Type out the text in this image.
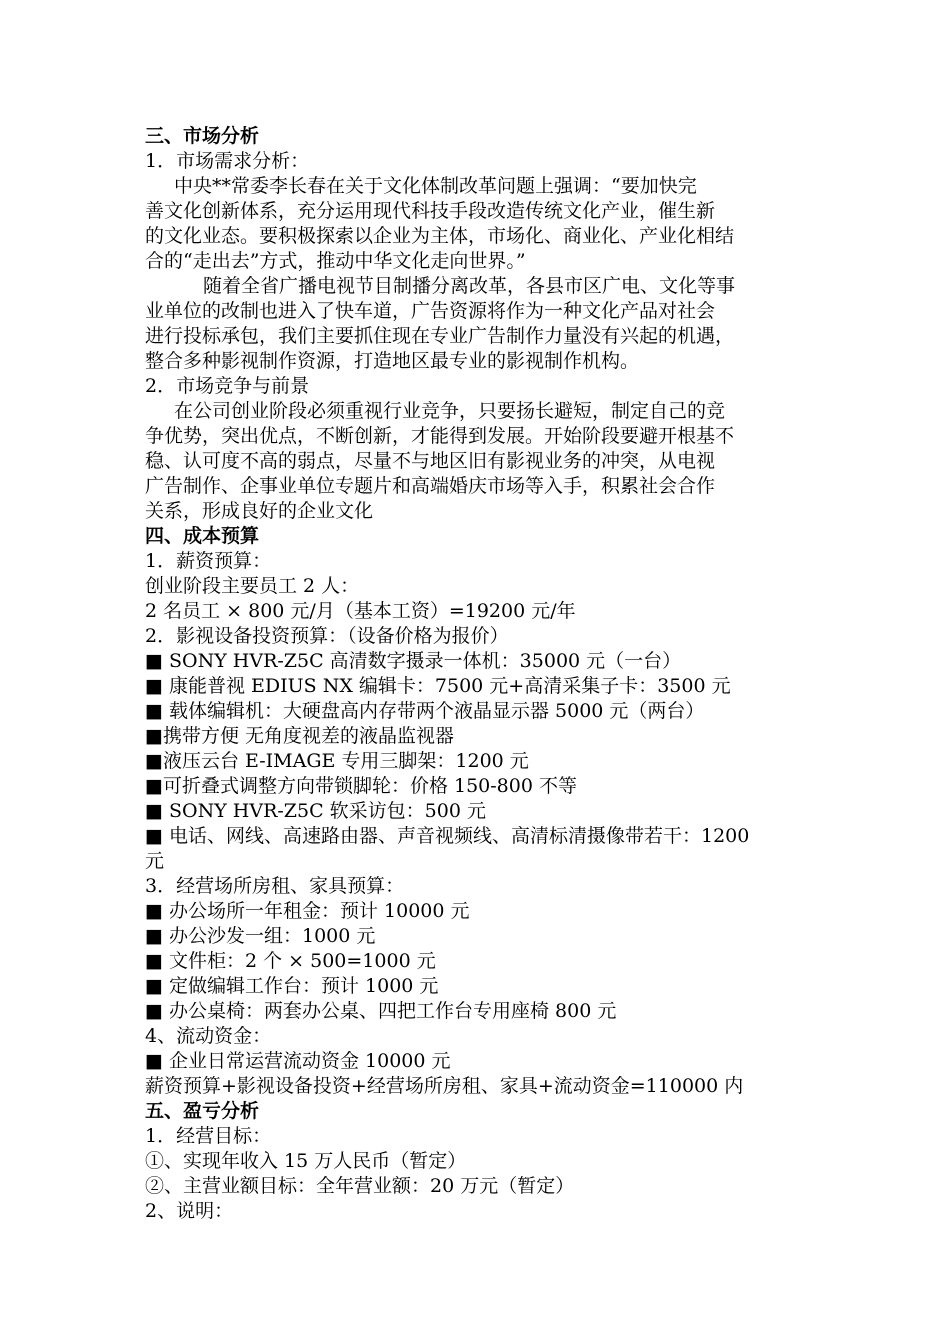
三、市场分析
1．市场需求分析：
中央**常委李长春在关于文化体制改革问题上强调：“要加快完
善文化创新体系，充分运用现代科技手段改造传统文化产业，催生新
的文化业态。要积极探索以企业为主体，市场化、商业化、产业化相结
合的“走出去”方式，推动中华文化走向世界。”
随着全省广播电视节目制播分离改革，各县市区广电、文化等事
业单位的改制也进入了快车道，广告资源将作为一种文化产品对社会
进行投标承包，我们主要抓住现在专业广告制作力量没有兴起的机遇，
整合多种影视制作资源，打造地区最专业的影视制作机构。
2．市场竞争与前景
在公司创业阶段必须重视行业竞争，只要扬长避短，制定自己的竞
争优势，突出优点，不断创新，才能得到发展。开始阶段要避开根基不
稳、认可度不高的弱点，尽量不与地区旧有影视业务的冲突，从电视
广告制作、企事业单位专题片和高端婚庆市场等入手，积累社会合作
关系，形成良好的企业文化
四、成本预算
1．薪资预算：
创业阶段主要员工 2 人：
2 名员工 × 800 元/月（基本工资）=19200 元/年
2．影视设备投资预算：（设备价格为报价）
■ SONY HVR-Z5C 高清数字摄录一体机：35000 元（一台）
■ 康能普视 EDIUS NX 编辑卡：7500 元+高清采集子卡：3500 元
■ 载体编辑机：大硬盘高内存带两个液晶显示器 5000 元（两台）
■携带方便 无角度视差的液晶监视器
■液压云台 E-IMAGE 专用三脚架：1200 元
■可折叠式调整方向带锁脚轮：价格 150-800 不等
■ SONY HVR-Z5C 软采访包：500 元
■ 电话、网线、高速路由器、声音视频线、高清标清摄像带若干：1200
元
3．经营场所房租、家具预算：
■ 办公场所一年租金：预计 10000 元
■ 办公沙发一组：1000 元
■ 文件柜：2 个 × 500=1000 元
■ 定做编辑工作台：预计 1000 元
■ 办公桌椅：两套办公桌、四把工作台专用座椅 800 元
4、流动资金：
■ 企业日常运营流动资金 10000 元
薪资预算+影视设备投资+经营场所房租、家具+流动资金=110000 内
五、盈亏分析
1．经营目标：
①、实现年收入 15 万人民币（暂定）
②、主营业额目标：全年营业额：20 万元（暂定）
2、说明：
